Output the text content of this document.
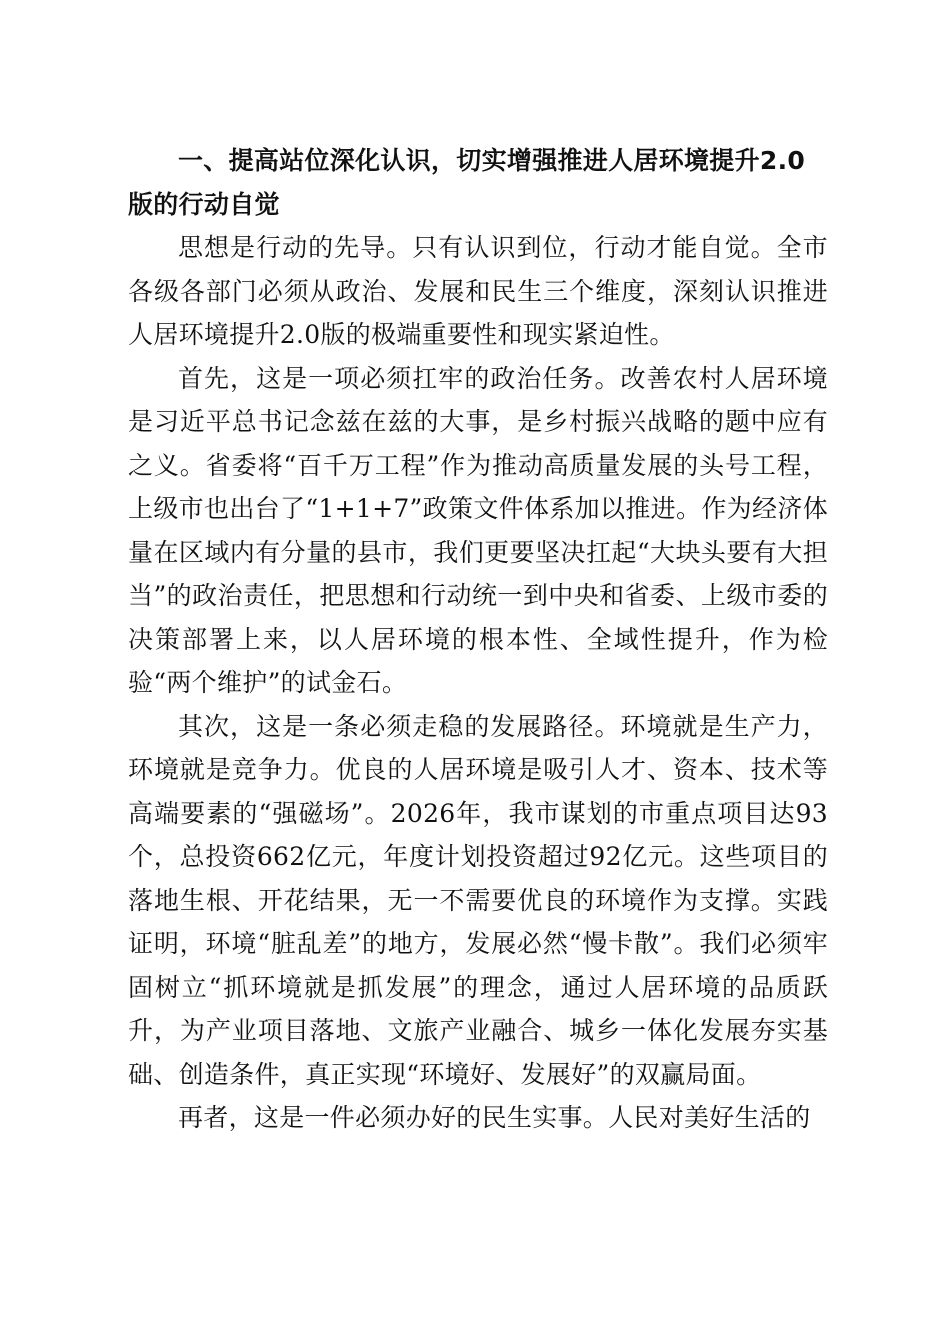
一、提高站位深化认识，切实增强推进人居环境提升2.0版的行动自觉

思想是行动的先导。只有认识到位，行动才能自觉。全市各级各部门必须从政治、发展和民生三个维度，深刻认识推进人居环境提升2.0版的极端重要性和现实紧迫性。

首先，这是一项必须扛牢的政治任务。改善农村人居环境是习近平总书记念兹在兹的大事，是乡村振兴战略的题中应有之义。省委将“百千万工程”作为推动高质量发展的头号工程，上级市也出台了“1+1+7”政策文件体系加以推进。作为经济体量在区域内有分量的县市，我们更要坚决扛起“大块头要有大担当”的政治责任，把思想和行动统一到中央和省委、上级市委的决策部署上来，以人居环境的根本性、全域性提升，作为检验“两个维护”的试金石。

其次，这是一条必须走稳的发展路径。环境就是生产力，环境就是竞争力。优良的人居环境是吸引人才、资本、技术等高端要素的“强磁场”。2026年，我市谋划的市重点项目达93个，总投资662亿元，年度计划投资超过92亿元。这些项目的落地生根、开花结果，无一不需要优良的环境作为支撑。实践证明，环境“脏乱差”的地方，发展必然“慢卡散”。我们必须牢固树立“抓环境就是抓发展”的理念，通过人居环境的品质跃升，为产业项目落地、文旅产业融合、城乡一体化发展夯实基础、创造条件，真正实现“环境好、发展好”的双赢局面。

再者，这是一件必须办好的民生实事。人民对美好生活的
